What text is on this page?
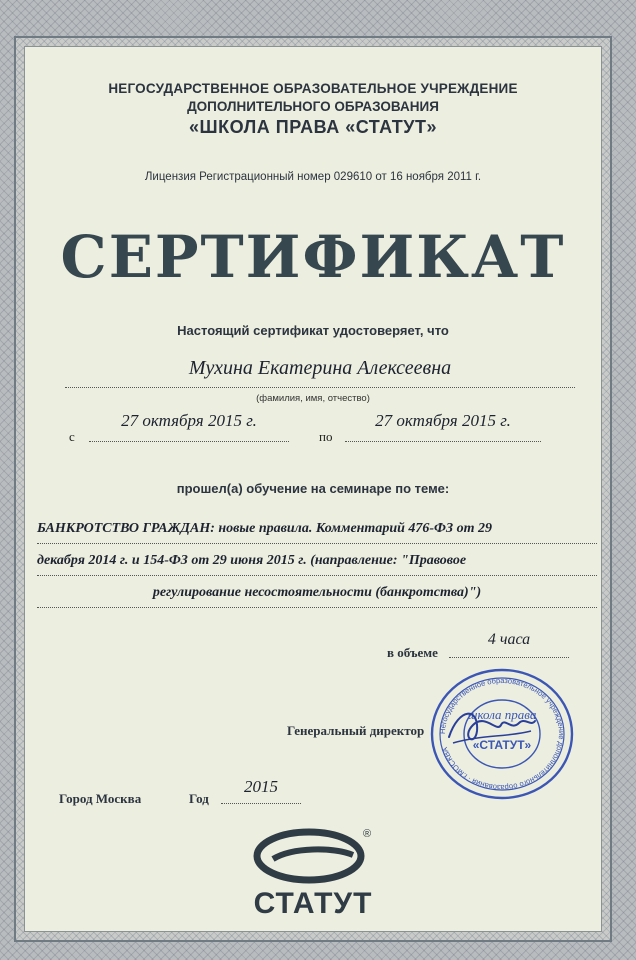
НЕГОСУДАРСТВЕННОЕ ОБРАЗОВАТЕЛЬНОЕ УЧРЕЖДЕНИЕ
ДОПОЛНИТЕЛЬНОГО ОБРАЗОВАНИЯ
«ШКОЛА ПРАВА «СТАТУТ»
Лицензия Регистрационный номер 029610 от 16 ноября 2011 г.
СЕРТИФИКАТ
Настоящий сертификат удостоверяет, что
Мухина Екатерина Алексеевна
(фамилия, имя, отчество)
с
27 октября 2015 г.
по
27 октября 2015 г.
прошел(а) обучение на семинаре по теме:
БАНКРОТСТВО ГРАЖДАН: новые правила. Комментарий 476-ФЗ от 29
декабря 2014 г. и 154-ФЗ от 29 июня 2015 г. (направление: "Правовое
регулирование несостоятельности (банкротства)")
в объеме
4 часа
Генеральный директор Негосударственное образовательное учреждение дополнительного образования · г.МОСКВА
школа права
«СТАТУТ»
Город Москва	Год
2015
®
СТАТУТ
